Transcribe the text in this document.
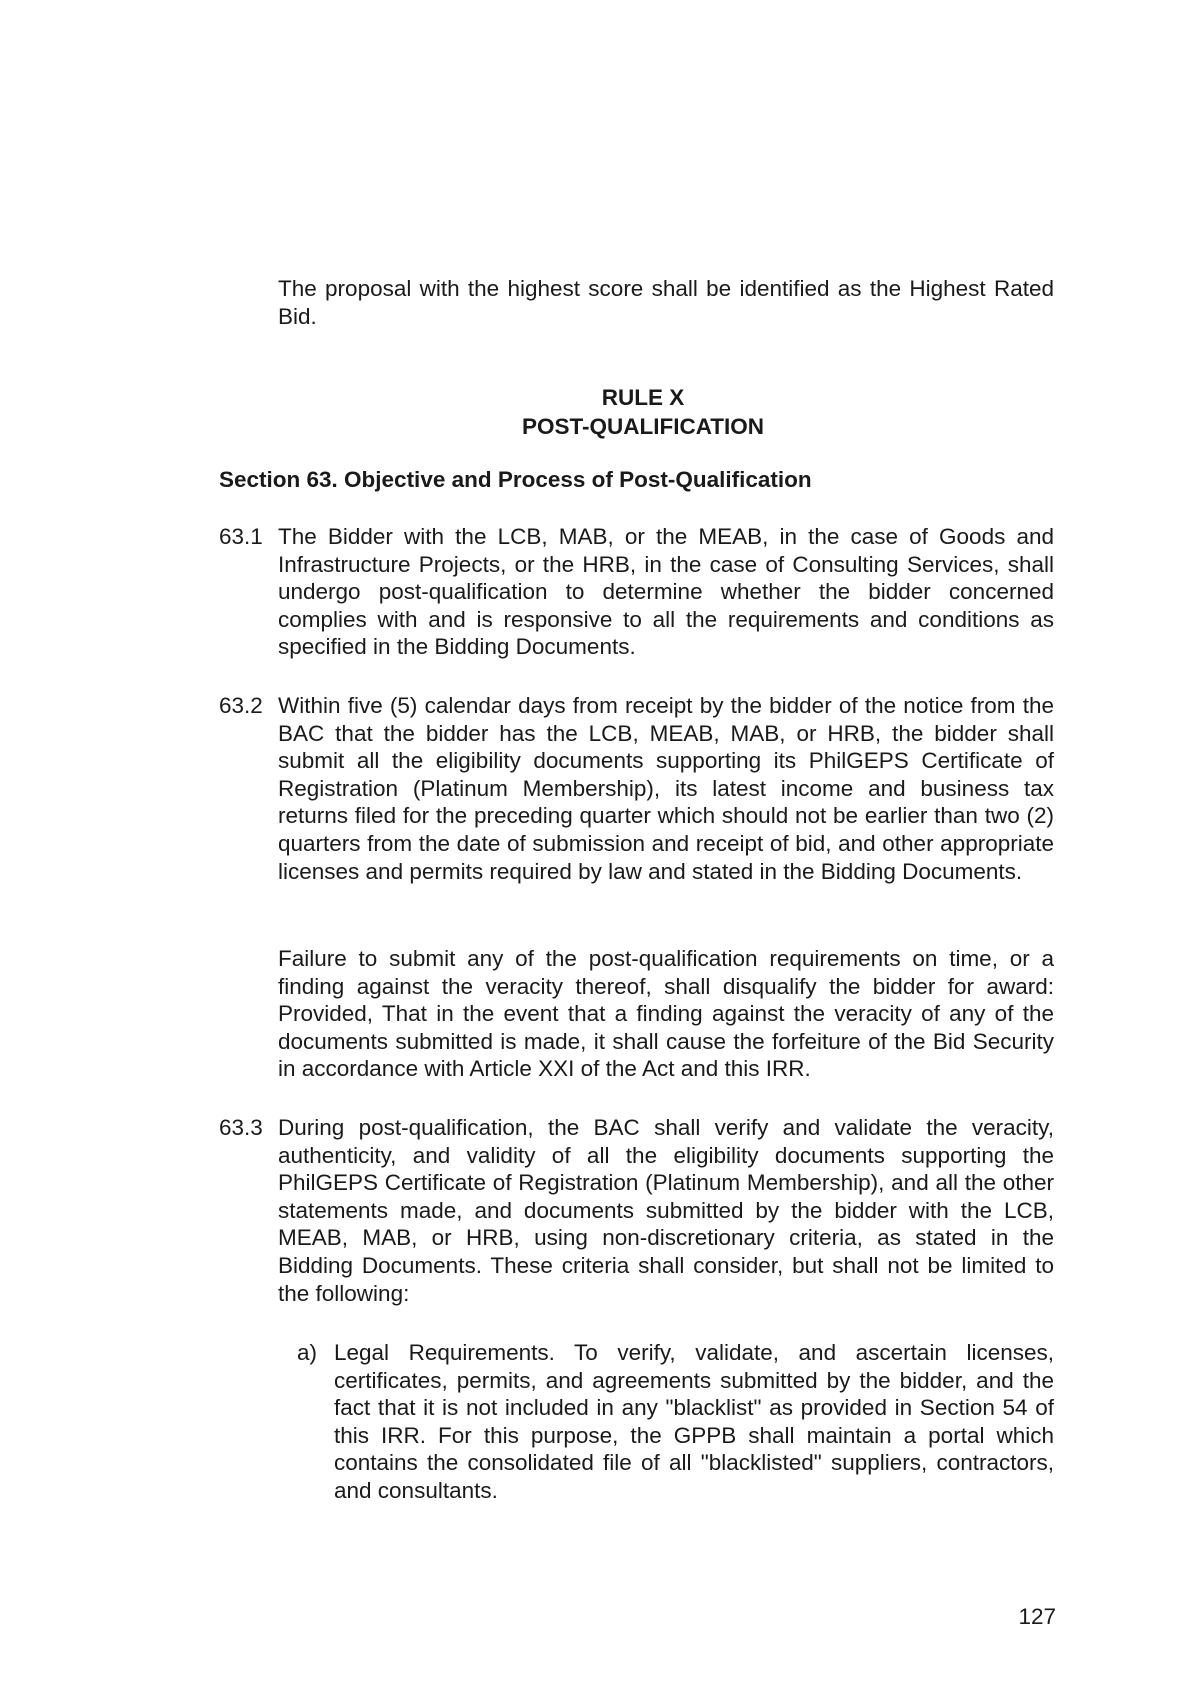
The proposal with the highest score shall be identified as the Highest Rated Bid.
RULE X
POST-QUALIFICATION
Section 63. Objective and Process of Post-Qualification
63.1 The Bidder with the LCB, MAB, or the MEAB, in the case of Goods and Infrastructure Projects, or the HRB, in the case of Consulting Services, shall undergo post-qualification to determine whether the bidder concerned complies with and is responsive to all the requirements and conditions as specified in the Bidding Documents.
63.2 Within five (5) calendar days from receipt by the bidder of the notice from the BAC that the bidder has the LCB, MEAB, MAB, or HRB, the bidder shall submit all the eligibility documents supporting its PhilGEPS Certificate of Registration (Platinum Membership), its latest income and business tax returns filed for the preceding quarter which should not be earlier than two (2) quarters from the date of submission and receipt of bid, and other appropriate licenses and permits required by law and stated in the Bidding Documents.
Failure to submit any of the post-qualification requirements on time, or a finding against the veracity thereof, shall disqualify the bidder for award: Provided, That in the event that a finding against the veracity of any of the documents submitted is made, it shall cause the forfeiture of the Bid Security in accordance with Article XXI of the Act and this IRR.
63.3 During post-qualification, the BAC shall verify and validate the veracity, authenticity, and validity of all the eligibility documents supporting the PhilGEPS Certificate of Registration (Platinum Membership), and all the other statements made, and documents submitted by the bidder with the LCB, MEAB, MAB, or HRB, using non-discretionary criteria, as stated in the Bidding Documents. These criteria shall consider, but shall not be limited to the following:
a) Legal Requirements. To verify, validate, and ascertain licenses, certificates, permits, and agreements submitted by the bidder, and the fact that it is not included in any "blacklist" as provided in Section 54 of this IRR. For this purpose, the GPPB shall maintain a portal which contains the consolidated file of all "blacklisted" suppliers, contractors, and consultants.
127
